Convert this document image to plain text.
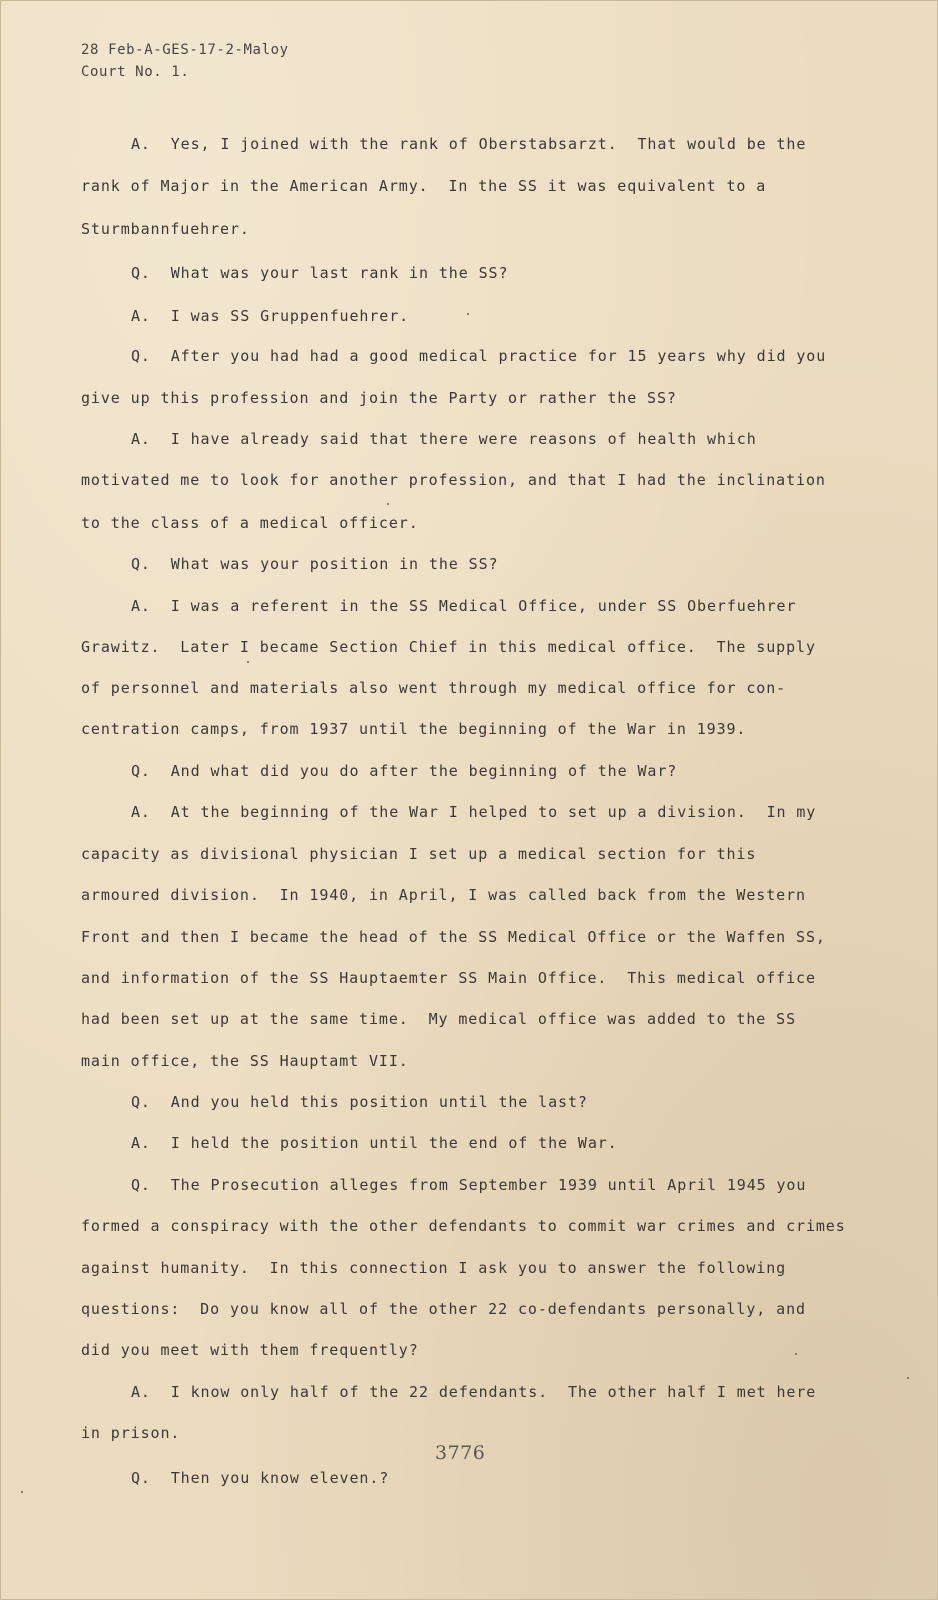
28 Feb-A-GES-17-2-Maloy
Court No. 1.
A.  Yes, I joined with the rank of Oberstabsarzt.  That would be the
rank of Major in the American Army.  In the SS it was equivalent to a
Sturmbannfuehrer.
Q.  What was your last rank in the SS?
A.  I was SS Gruppenfuehrer.
Q.  After you had had a good medical practice for 15 years why did you
give up this profession and join the Party or rather the SS?
A.  I have already said that there were reasons of health which
motivated me to look for another profession, and that I had the inclination
to the class of a medical officer.
Q.  What was your position in the SS?
A.  I was a referent in the SS Medical Office, under SS Oberfuehrer
Grawitz.  Later I became Section Chief in this medical office.  The supply
of personnel and materials also went through my medical office for con-
centration camps, from 1937 until the beginning of the War in 1939.
Q.  And what did you do after the beginning of the War?
A.  At the beginning of the War I helped to set up a division.  In my
capacity as divisional physician I set up a medical section for this
armoured division.  In 1940, in April, I was called back from the Western
Front and then I became the head of the SS Medical Office or the Waffen SS,
and information of the SS Hauptaemter SS Main Office.  This medical office
had been set up at the same time.  My medical office was added to the SS
main office, the SS Hauptamt VII.
Q.  And you held this position until the last?
A.  I held the position until the end of the War.
Q.  The Prosecution alleges from September 1939 until April 1945 you
formed a conspiracy with the other defendants to commit war crimes and crimes
against humanity.  In this connection I ask you to answer the following
questions:  Do you know all of the other 22 co-defendants personally, and
did you meet with them frequently?
A.  I know only half of the 22 defendants.  The other half I met here
in prison.
Q.  Then you know eleven.?
3776
